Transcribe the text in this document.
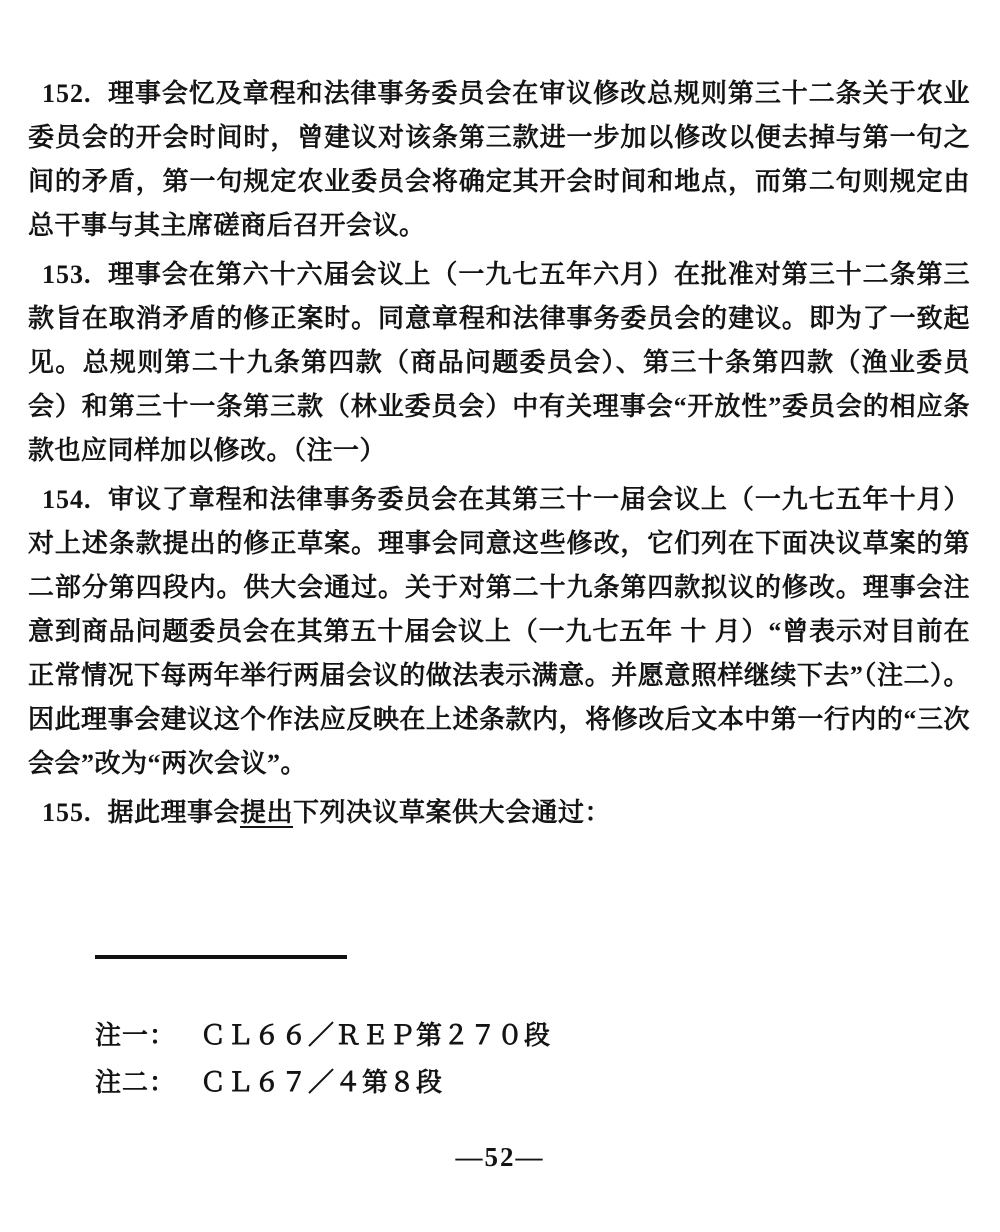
152. 理事会忆及章程和法律事务委员会在审议修改总规则第三十二条关于农业委员会的开会时间时，曾建议对该条第三款进一步加以修改以便去掉与第一句之间的矛盾，第一句规定农业委员会将确定其开会时间和地点，而第二句则规定由总干事与其主席磋商后召开会议。

153. 理事会在第六十六届会议上（一九七五年六月）在批准对第三十二条第三款旨在取消矛盾的修正案时。同意章程和法律事务委员会的建议。即为了一致起见。总规则第二十九条第四款（商品问题委员会）、第三十条第四款（渔业委员会）和第三十一条第三款（林业委员会）中有关理事会“开放性”委员会的相应条款也应同样加以修改。（注一）

154. 审议了章程和法律事务委员会在其第三十一届会议上（一九七五年十月）对上述条款提出的修正草案。理事会同意这些修改，它们列在下面决议草案的第二部分第四段内。供大会通过。关于对第二十九条第四款拟议的修改。理事会注意到商品问题委员会在其第五十届会议上（一九七五年 十 月）“曾表示对目前在正常情况下每两年举行两届会议的做法表示满意。并愿意照样继续下去”（注二）。因此理事会建议这个作法应反映在上述条款内，将修改后文本中第一行内的“三次会会”改为“两次会议”。

155. 据此理事会提出下列决议草案供大会通过：

注一： ＣＬ６６／ＲＥＰ第２７０段
注二： ＣＬ６７／４第８段
—52—
